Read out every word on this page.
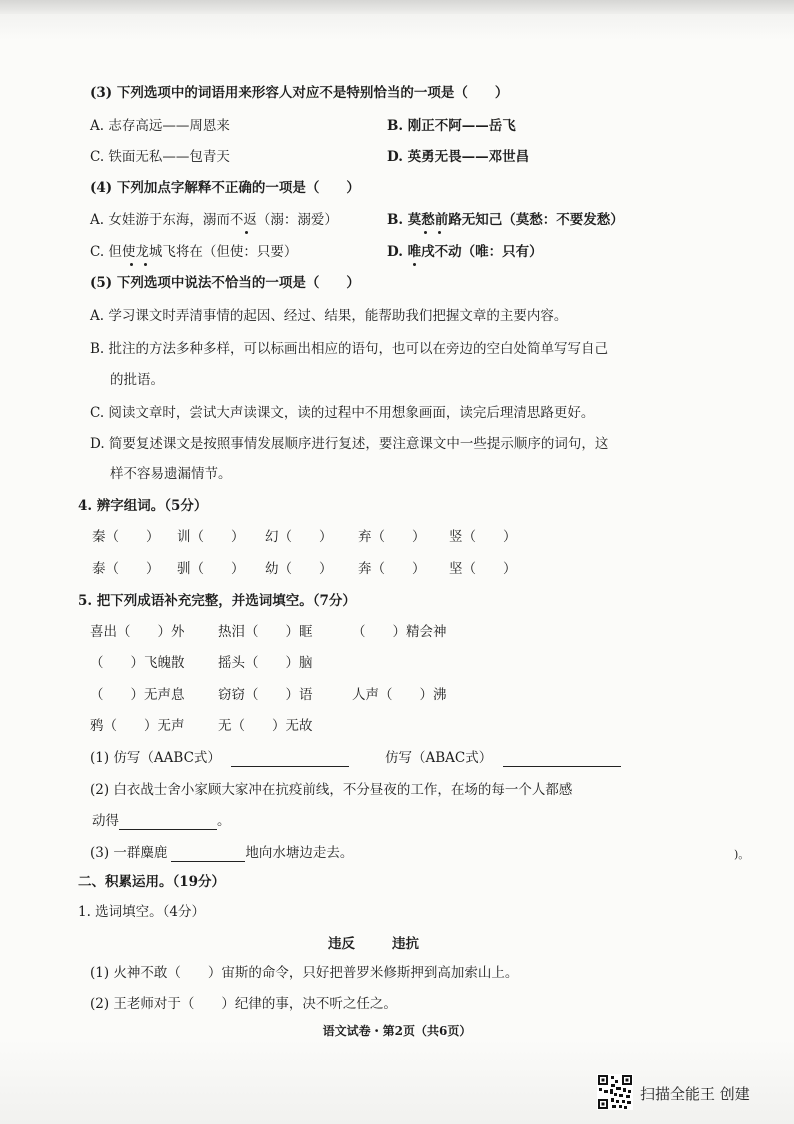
(3) 下列选项中的词语用来形容人对应不是特别恰当的一项是（　　）
A. 志存高远——周恩来	B. 刚正不阿——岳飞
C. 铁面无私——包青天	D. 英勇无畏——邓世昌
(4) 下列加点字解释不正确的一项是（　　）
A. 女娃游于东海，溺而不返（溺：溺爱）	B. 莫愁前路无知己（莫愁：不要发愁）
C. 但使龙城飞将在（但使：只要）	D. 唯戌不动（唯：只有）
(5) 下列选项中说法不恰当的一项是（　　）
A. 学习课文时弄清事情的起因、经过、结果，能帮助我们把握文章的主要内容。
B. 批注的方法多种多样，可以标画出相应的语句，也可以在旁边的空白处简单写写自己
的批语。
C. 阅读文章时，尝试大声读课文，读的过程中不用想象画面，读完后理清思路更好。
D. 简要复述课文是按照事情发展顺序进行复述，要注意课文中一些提示顺序的词句，这
样不容易遗漏情节。
4. 辨字组词。（5分）
秦（　　） 训（　　） 幻（　　） 弃（　　） 竖（　　）
泰（　　） 驯（　　） 幼（　　） 奔（　　） 坚（　　）
5. 把下列成语补充完整，并选词填空。（7分）
喜出（　　）外 热泪（　　）眶	（　　）精会神
（　　）飞魄散 摇头（　　）脑
（　　）无声息 窃窃（　　）语	人声（　　）沸
鸦（　　）无声 无（　　）无故
(1) 仿写（AABC式）	仿写（ABAC式）
(2) 白衣战士舍小家顾大家冲在抗疫前线，不分昼夜的工作，在场的每一个人都感
动得	。
(3) 一群麋鹿	地向水塘边走去。	)。
二、积累运用。（19分）
1. 选词填空。（4分）
违反	违抗
(1) 火神不敢（　　）宙斯的命令，只好把普罗米修斯押到高加索山上。
(2) 王老师对于（　　）纪律的事，决不听之任之。
语文试卷・第2页（共6页）
扫描全能王 创建
